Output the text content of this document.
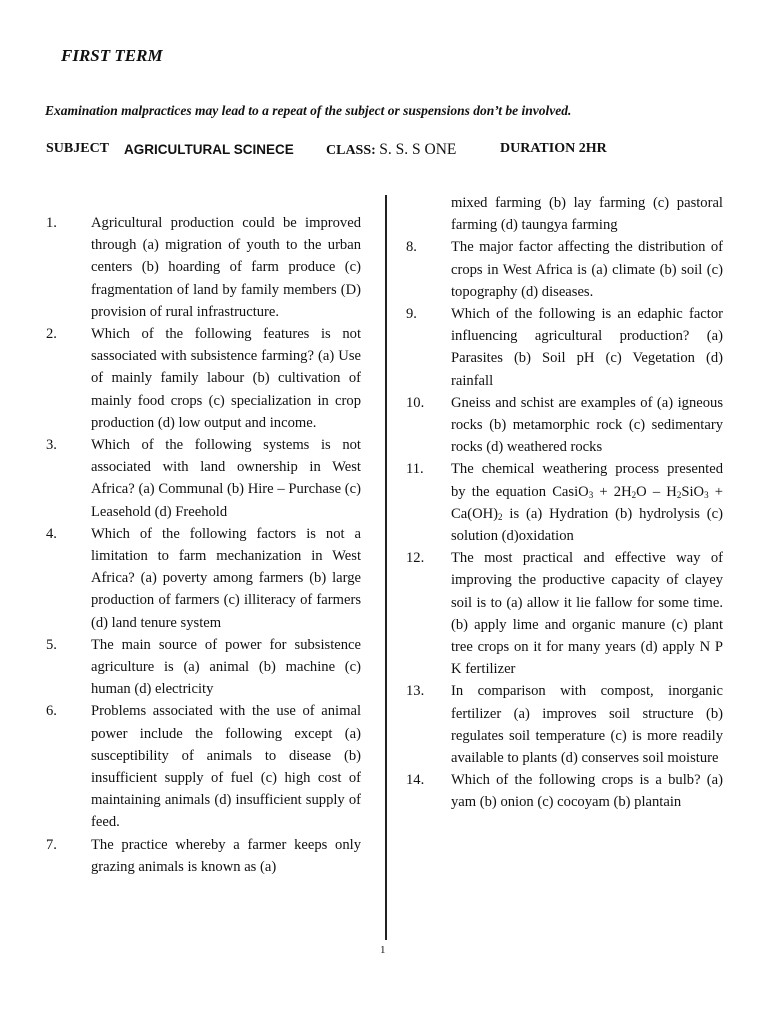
FIRST TERM
Examination malpractices may lead to a repeat of the subject or suspensions don’t be involved.
SUBJECT AGRICULTURAL SCINECE CLASS: S. S. S ONE	DURATION 2HR
1.	Agricultural production could be improved through (a) migration of youth to the urban centers (b) hoarding of farm produce (c) fragmentation of land by family members (D) provision of rural infrastructure.
2.	Which of the following features is not sassociated with subsistence farming? (a) Use of mainly family labour (b) cultivation of mainly food crops (c) specialization in crop production (d) low output and income.
3.	Which of the following systems is not associated with land ownership in West Africa? (a) Communal (b) Hire – Purchase (c) Leasehold (d) Freehold
4.	Which of the following factors is not a limitation to farm mechanization in West Africa? (a) poverty among farmers (b) large production of farmers (c) illiteracy of farmers (d) land tenure system
5.	The main source of power for subsistence agriculture is (a) animal (b) machine (c) human (d) electricity
6.	Problems associated with the use of animal power include the following except (a) susceptibility of animals to disease (b) insufficient supply of fuel (c) high cost of maintaining animals (d) insufficient supply of feed.
7.	The practice whereby a farmer keeps only grazing animals is known as (a)
mixed farming (b) lay farming (c) pastoral farming (d) taungya farming
8.	The major factor affecting the distribution of crops in West Africa is (a) climate (b) soil (c) topography (d) diseases.
9.	Which of the following is an edaphic factor influencing agricultural production? (a) Parasites (b) Soil pH (c) Vegetation (d) rainfall
10.	Gneiss and schist are examples of (a) igneous rocks (b) metamorphic rock (c) sedimentary rocks (d) weathered rocks
11.	The chemical weathering process presented by the equation CasiO$_3$ + $2H_2O - H_2SiO_3 + Ca(OH)_2$ is (a) Hydration (b) hydrolysis (c) solution (d)oxidation
12.	The most practical and effective way of improving the productive capacity of clayey soil is to (a) allow it lie fallow for some time. (b) apply lime and organic manure (c) plant tree crops on it for many years (d) apply N P K fertilizer
13.	In comparison with compost, inorganic fertilizer (a) improves soil structure (b) regulates soil temperature (c) is more readily available to plants (d) conserves soil moisture
14.	Which of the following crops is a bulb? (a) yam (b) onion (c) cocoyam (b) plantain
1
